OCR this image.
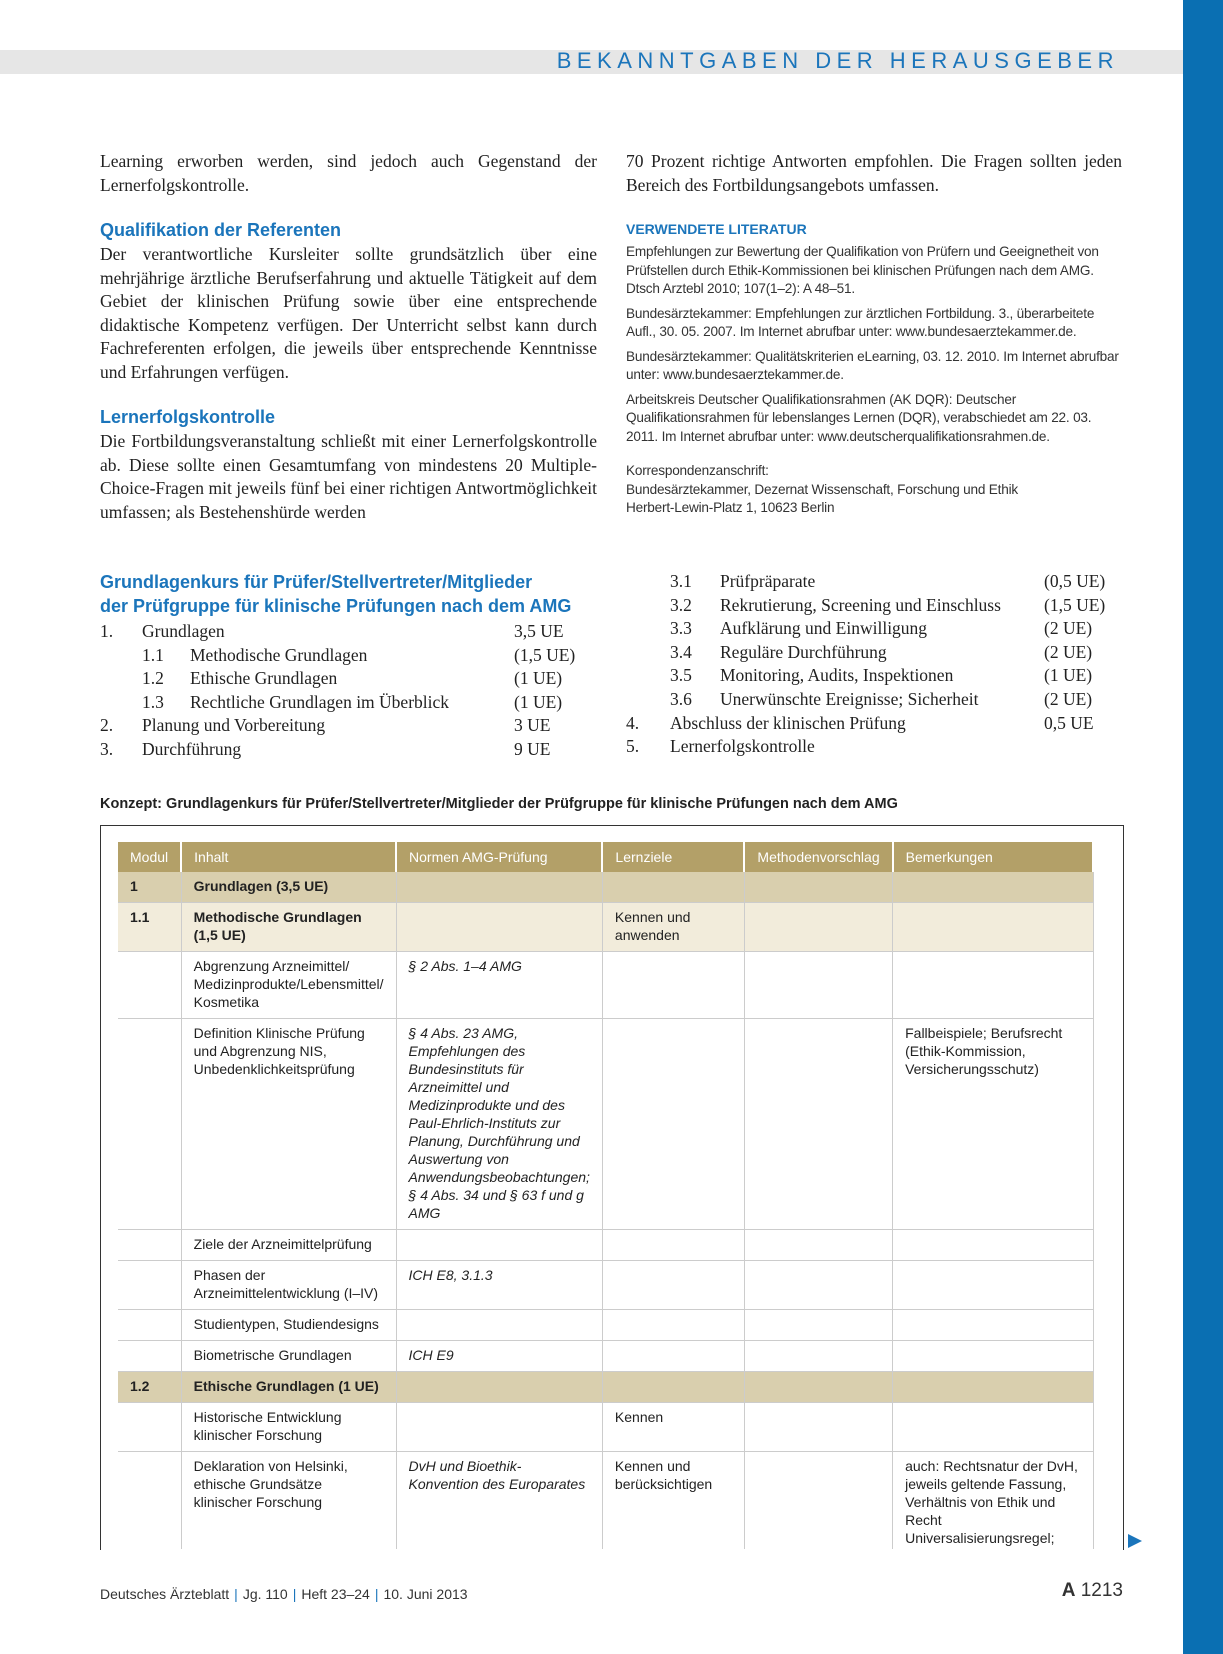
BEKANNTGABEN DER HERAUSGEBER

Learning erworben werden, sind jedoch auch Gegenstand der Lernerfolgskontrolle.

Qualifikation der Referenten

Der verantwortliche Kursleiter sollte grundsätzlich über eine mehrjährige ärztliche Berufserfahrung und aktuelle Tätigkeit auf dem Gebiet der klinischen Prüfung sowie über eine entsprechende didaktische Kompetenz verfügen. Der Unterricht selbst kann durch Fachreferenten erfolgen, die jeweils über entsprechende Kenntnisse und Erfahrungen verfügen.

Lernerfolgskontrolle

Die Fortbildungsveranstaltung schließt mit einer Lernerfolgskontrolle ab. Diese sollte einen Gesamtumfang von mindestens 20 Multiple-Choice-Fragen mit jeweils fünf bei einer richtigen Antwortmöglichkeit umfassen; als Bestehenshürde werden

70 Prozent richtige Antworten empfohlen. Die Fragen sollten jeden Bereich des Fortbildungsangebots umfassen.

VERWENDETE LITERATUR

Empfehlungen zur Bewertung der Qualifikation von Prüfern und Geeignetheit von Prüfstellen durch Ethik-Kommissionen bei klinischen Prüfungen nach dem AMG. Dtsch Arztebl 2010; 107(1–2): A 48–51.

Bundesärztekammer: Empfehlungen zur ärztlichen Fortbildung. 3., überarbeitete Aufl., 30. 05. 2007. Im Internet abrufbar unter: www.bundesaerztekammer.de.

Bundesärztekammer: Qualitätskriterien eLearning, 03. 12. 2010. Im Internet abrufbar unter: www.bundesaerztekammer.de.

Arbeitskreis Deutscher Qualifikationsrahmen (AK DQR): Deutscher Qualifikationsrahmen für lebenslanges Lernen (DQR), verabschiedet am 22. 03. 2011. Im Internet abrufbar unter: www.deutscherqualifikationsrahmen.de.

Korrespondenzanschrift:

Bundesärztekammer, Dezernat Wissenschaft, Forschung und Ethik

Herbert-Lewin-Platz 1, 10623 Berlin

Grundlagenkurs für Prüfer/Stellvertreter/Mitglieder
der Prüfgruppe für klinische Prüfungen nach dem AMG
1. Grundlagen	3,5 UE
1.1 Methodische Grundlagen	(1,5 UE)
1.2 Ethische Grundlagen	(1 UE)
1.3 Rechtliche Grundlagen im Überblick	(1 UE)
2. Planung und Vorbereitung	3 UE
3. Durchführung	9 UE
3.1 Prüfpräparate	(0,5 UE)
3.2 Rekrutierung, Screening und Einschluss (1,5 UE)
3.3 Aufklärung und Einwilligung	(2 UE)
3.4 Reguläre Durchführung	(2 UE)
3.5 Monitoring, Audits, Inspektionen	(1 UE)
3.6 Unerwünschte Ereignisse; Sicherheit	(2 UE)
4. Abschluss der klinischen Prüfung	0,5 UE
5. Lernerfolgskontrolle
Konzept: Grundlagenkurs für Prüfer/Stellvertreter/Mitglieder der Prüfgruppe für klinische Prüfungen nach dem AMG
Modul	Inhalt	Normen AMG-Prüfung	Lernziele	Methodenvorschlag	Bemerkungen
1	Grundlagen (3,5 UE)				
1.1	Methodische Grundlagen (1,5 UE)		Kennen und anwenden		
	Abgrenzung Arzneimittel/ Medizinprodukte/Lebensmittel/ Kosmetika	§ 2 Abs. 1–4 AMG			
	Definition Klinische Prüfung und Abgrenzung NIS, Unbedenklichkeitsprüfung	§ 4 Abs. 23 AMG, Empfehlungen des Bundesinstituts für Arzneimittel und Medizinprodukte und des Paul-Ehrlich-Instituts zur Planung, Durchführung und Auswertung von Anwendungsbeobachtungen; § 4 Abs. 34 und § 63 f und g AMG			Fallbeispiele; Berufsrecht (Ethik-Kommission, Versicherungsschutz)
	Ziele der Arzneimittelprüfung				
	Phasen der Arzneimittelentwicklung (I–IV)	ICH E8, 3.1.3			
	Studientypen, Studiendesigns				
	Biometrische Grundlagen	ICH E9			
1.2	Ethische Grundlagen (1 UE)				
	Historische Entwicklung klinischer Forschung		Kennen		
	Deklaration von Helsinki, ethische Grundsätze klinischer Forschung	DvH und Bioethik-Konvention des Europarates	Kennen und berücksichtigen		auch: Rechtsnatur der DvH, jeweils geltende Fassung, Verhältnis von Ethik und Recht Universalisierungsregel;
Deutsches Ärzteblatt | Jg. 110 | Heft 23–24 | 10. Juni 2013	A 1213
